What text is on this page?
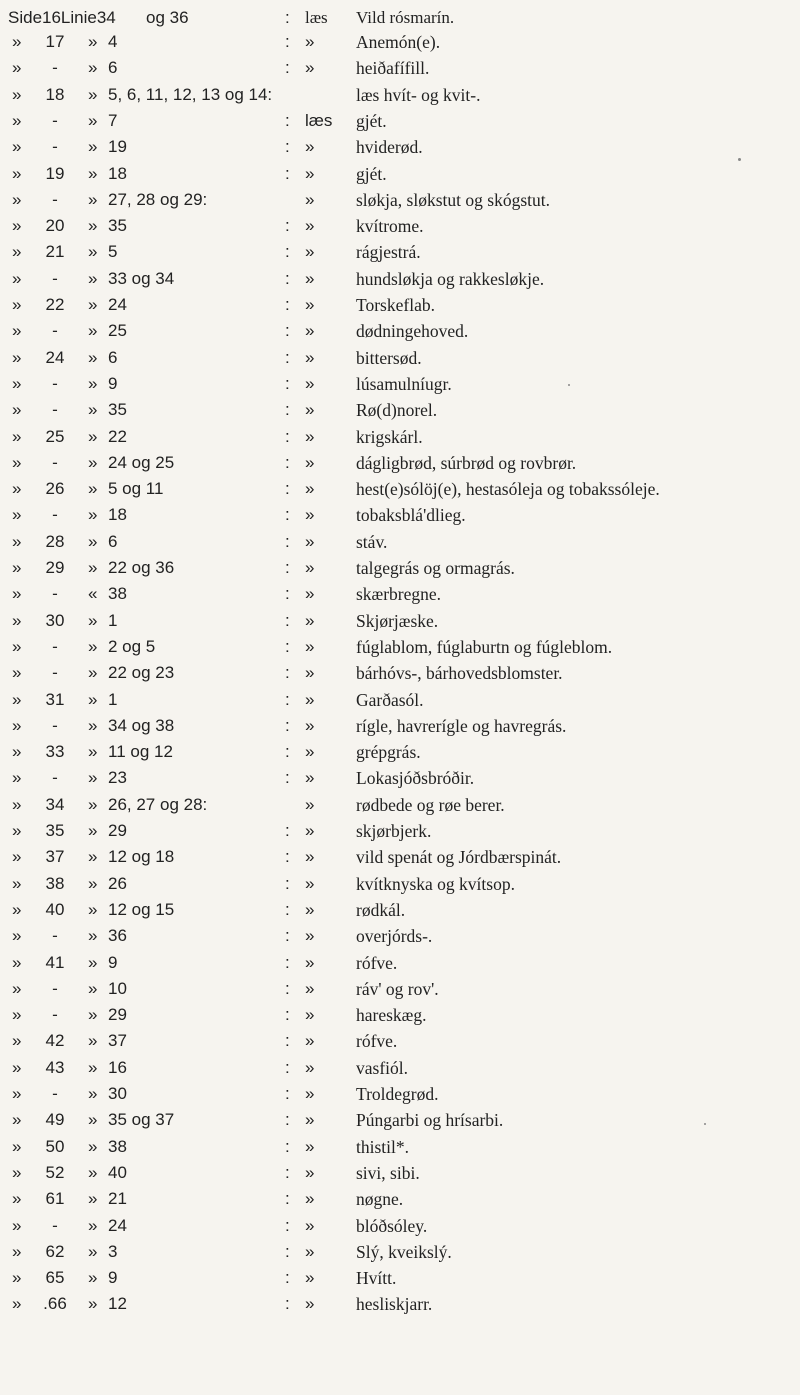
Side16Linie34 og 36	: læs Vild rósmarín.
»	17	» 4	: » Anemón(e).
»	-	» 6	: » heiðafífill.
»	18	» 5, 6, 11, 12, 13 og 14:	læs hvít- og kvit-.
»	-	» 7	: læs gjét.
»	-	» 19	: » hviderød.
»	19	» 18	: » gjét.
»	-	» 27, 28 og 29:	» sløkja, sløkstut og skógstut.
»	20	» 35	: » kvítrome.
»	21	» 5	: » rágjestrá.
»	-	» 33 og 34	: » hundsløkja og rakkesløkje.
»	22	» 24	: » Torskeflab.
»	-	» 25	: » dødningehoved.
»	24	» 6	: » bittersød.
»	-	» 9	: » lúsamulníugr.
»	-	» 35	: » Rø(d)norel.
»	25	» 22	: » krigskárl.
»	-	» 24 og 25	: » dágligbrød, súrbrød og rovbrør.
»	26	» 5 og 11	: » hest(e)sólöj(e), hestasóleja og tobakssóleje.
»	-	» 18	: » tobaksblá'dlieg.
»	28	» 6	: » stáv.
»	29	» 22 og 36	: » talgegrás og ormagrás.
»	-	« 38	: » skærbregne.
»	30	» 1	: » Skjørjæske.
»	-	» 2 og 5	: » fúglablom, fúglaburtn og fúgleblom.
»	-	» 22 og 23	: » bárhóvs-, bárhovedsblomster.
»	31	» 1	: » Garðasól.
»	-	» 34 og 38	: » rígle, havrerígle og havregrás.
»	33	» 11 og 12	: » grépgrás.
»	-	» 23	: » Lokasjóðsbróðir.
»	34	» 26, 27 og 28:	» rødbede og røe berer.
»	35	» 29	: » skjørbjerk.
»	37	» 12 og 18	: » vild spenát og Jórdbærspinát.
»	38	» 26	: » kvítknyska og kvítsop.
»	40	» 12 og 15	: » rødkál.
»	-	» 36	: » overjórds-.
»	41	» 9	: » rófve.
»	-	» 10	: » ráv' og rov'.
»	-	» 29	: » hareskæg.
»	42	» 37	: » rófve.
»	43	» 16	: » vasfiól.
»	-	» 30	: » Troldegrød.
»	49	» 35 og 37	: » Púngarbi og hrísarbi.
»	50	» 38	: » thistil*.
»	52	» 40	: » sivi, sibi.
»	61	» 21	: » nøgne.
»	-	» 24	: » blóðsóley.
»	62	» 3	: » Slý, kveikslý.
»	65	» 9	: » Hvítt.
»	.66	» 12	: » hesliskjarr.
